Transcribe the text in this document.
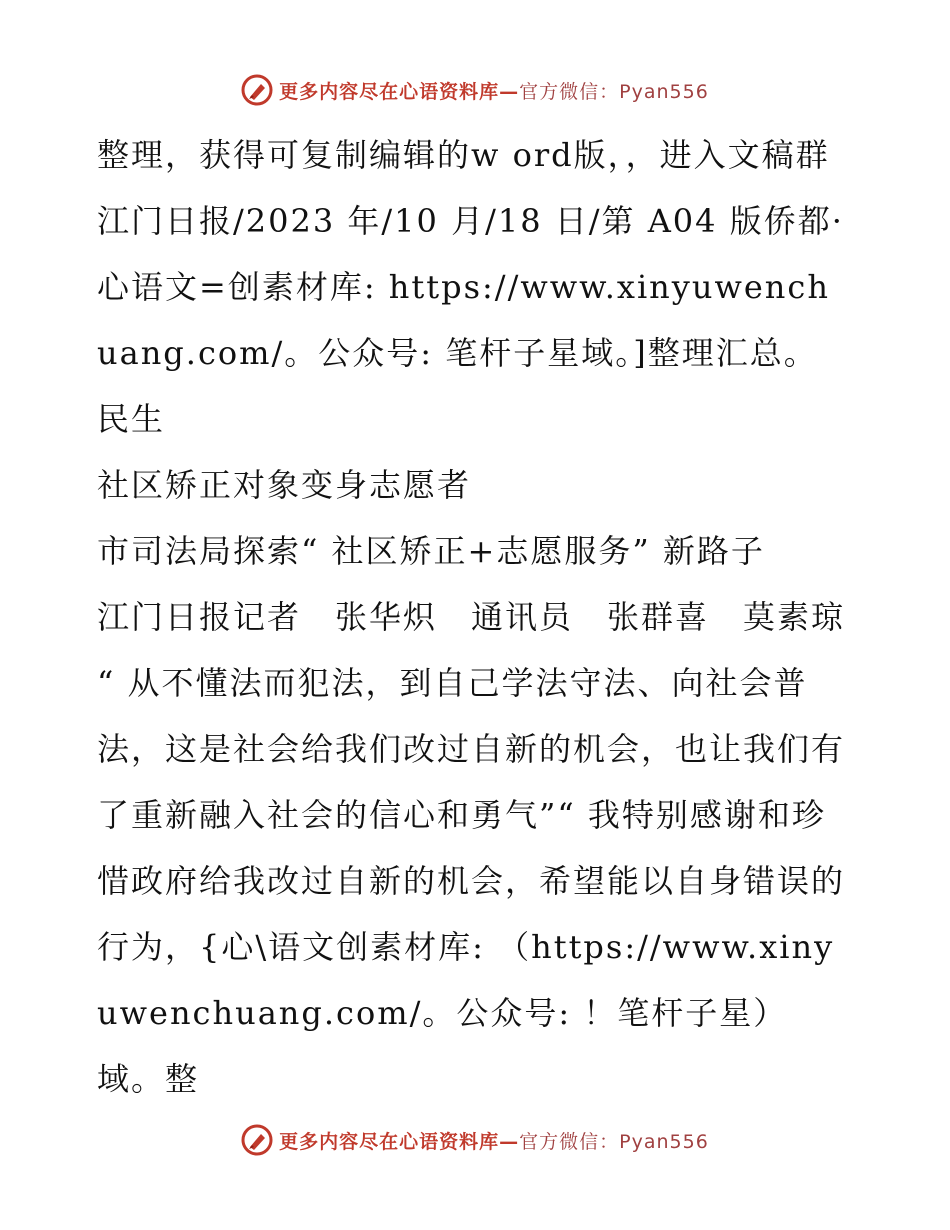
更多内容尽在心语资料库—官方微信：Pyan556

整理，获得可复制编辑的w ord版，，进入文稿群

江门日报/2023 年/10 月/18 日/第 A04 版侨都·心语文=创素材库: https://www.xinyuwenchuang.com/。公众号: 笔杆子星域。]整理汇总。 民生

社区矫正对象变身志愿者

市司法局探索“ 社区矫正+志愿服务” 新路子

江门日报记者　张华炽　通讯员　张群喜　莫素琼

“ 从不懂法而犯法，到自己学法守法、向社会普法，这是社会给我们改过自新的机会，也让我们有了重新融入社会的信心和勇气”“ 我特别感谢和珍惜政府给我改过自新的机会，希望能以自身错误的行为，{心\语文创素材库: （https://www.xinyuwenchuang.com/。公众号: ！笔杆子星）域。整

更多内容尽在心语资料库—官方微信：Pyan556
